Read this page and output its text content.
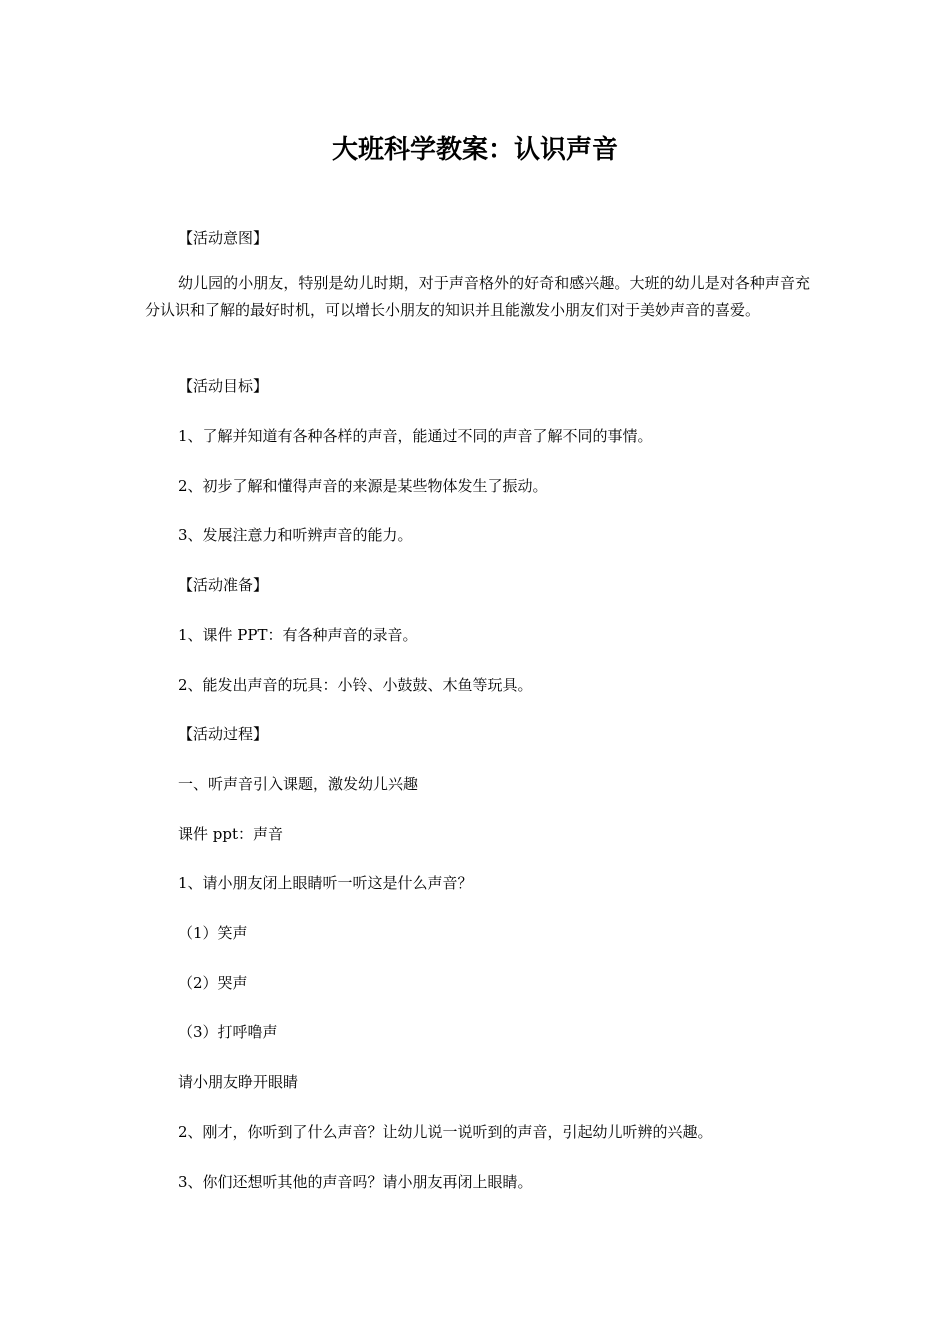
大班科学教案：认识声音

【活动意图】

幼儿园的小朋友，特别是幼儿时期，对于声音格外的好奇和感兴趣。大班的幼儿是对各种声音充分认识和了解的最好时机，可以增长小朋友的知识并且能激发小朋友们对于美妙声音的喜爱。

【活动目标】

1、了解并知道有各种各样的声音，能通过不同的声音了解不同的事情。

2、初步了解和懂得声音的来源是某些物体发生了振动。

3、发展注意力和听辨声音的能力。

【活动准备】

1、课件 PPT：有各种声音的录音。

2、能发出声音的玩具：小铃、小鼓鼓、木鱼等玩具。

【活动过程】

一、听声音引入课题，激发幼儿兴趣

课件 ppt：声音

1、请小朋友闭上眼睛听一听这是什么声音？

（1）笑声

（2）哭声

（3）打呼噜声

请小朋友睁开眼睛

2、刚才，你听到了什么声音？让幼儿说一说听到的声音，引起幼儿听辨的兴趣。

3、你们还想听其他的声音吗？请小朋友再闭上眼睛。
